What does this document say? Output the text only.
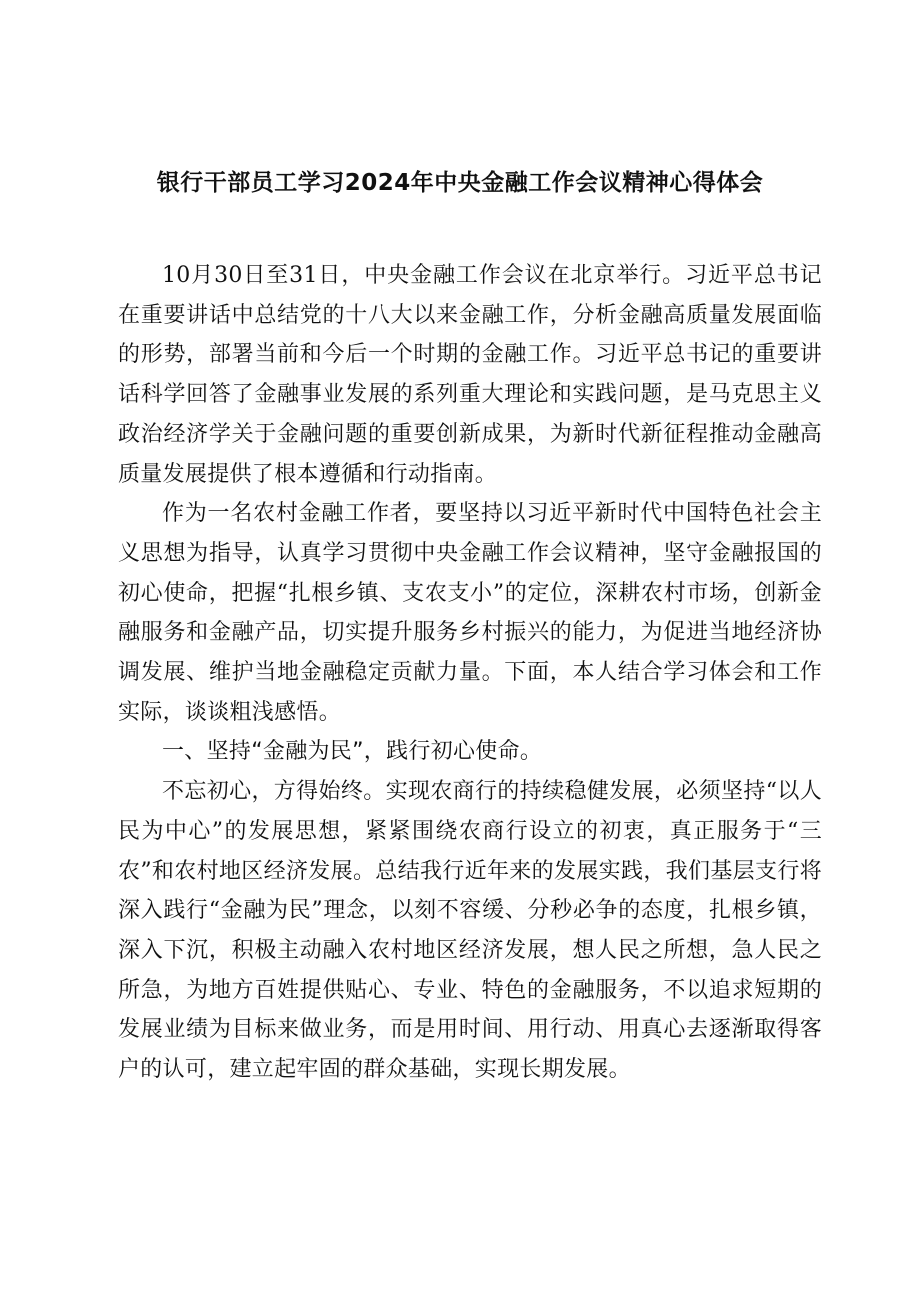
银行干部员工学习2024年中央金融工作会议精神心得体会

10月30日至31日，中央金融工作会议在北京举行。习近平总书记在重要讲话中总结党的十八大以来金融工作，分析金融高质量发展面临的形势，部署当前和今后一个时期的金融工作。习近平总书记的重要讲话科学回答了金融事业发展的系列重大理论和实践问题，是马克思主义政治经济学关于金融问题的重要创新成果，为新时代新征程推动金融高质量发展提供了根本遵循和行动指南。

作为一名农村金融工作者，要坚持以习近平新时代中国特色社会主义思想为指导，认真学习贯彻中央金融工作会议精神，坚守金融报国的初心使命，把握“扎根乡镇、支农支小”的定位，深耕农村市场，创新金融服务和金融产品，切实提升服务乡村振兴的能力，为促进当地经济协调发展、维护当地金融稳定贡献力量。下面，本人结合学习体会和工作实际，谈谈粗浅感悟。

一、坚持“金融为民”，践行初心使命。

不忘初心，方得始终。实现农商行的持续稳健发展，必须坚持“以人民为中心”的发展思想，紧紧围绕农商行设立的初衷，真正服务于“三农”和农村地区经济发展。总结我行近年来的发展实践，我们基层支行将深入践行“金融为民”理念，以刻不容缓、分秒必争的态度，扎根乡镇，深入下沉，积极主动融入农村地区经济发展，想人民之所想，急人民之所急，为地方百姓提供贴心、专业、特色的金融服务，不以追求短期的发展业绩为目标来做业务，而是用时间、用行动、用真心去逐渐取得客户的认可，建立起牢固的群众基础，实现长期发展。
